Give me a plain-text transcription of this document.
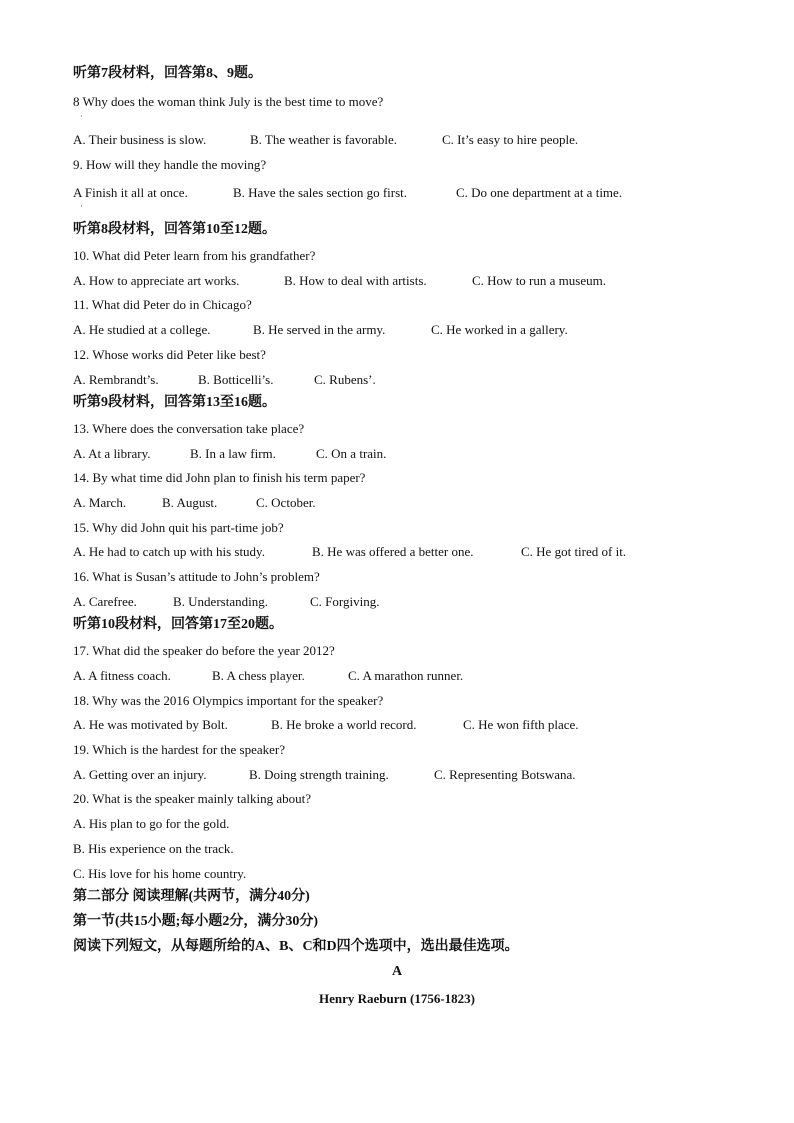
听第7段材料，回答第8、9题。
8 Why does the woman think July is the best time to move?
·
A. Their business is slow.	B. The weather is favorable.	C. It’s easy to hire people.
9. How will they handle the moving?
A Finish it all at once.	B. Have the sales section go first.	C. Do one department at a time.
·
听第8段材料，回答第10至12题。
10. What did Peter learn from his grandfather?
A. How to appreciate art works.	B. How to deal with artists.	C. How to run a museum.
11. What did Peter do in Chicago?
A. He studied at a college.	B. He served in the army.	C. He worked in a gallery.
12. Whose works did Peter like best?
A. Rembrandt’s.	B. Botticelli’s.	C. Rubens’.
听第9段材料，回答第13至16题。
13. Where does the conversation take place?
A. At a library.	B. In a law firm.	C. On a train.
14. By what time did John plan to finish his term paper?
A. March.	B. August.	C. October.
15. Why did John quit his part-time job?
A. He had to catch up with his study.	B. He was offered a better one.	C. He got tired of it.
16. What is Susan’s attitude to John’s problem?
A. Carefree.	B. Understanding.	C. Forgiving.
听第10段材料，回答第17至20题。
17. What did the speaker do before the year 2012?
A. A fitness coach.	B. A chess player.	C. A marathon runner.
18. Why was the 2016 Olympics important for the speaker?
A. He was motivated by Bolt.	B. He broke a world record.	C. He won fifth place.
19. Which is the hardest for the speaker?
A. Getting over an injury.	B. Doing strength training.	C. Representing Botswana.
20. What is the speaker mainly talking about?
A. His plan to go for the gold.
B. His experience on the track.
C. His love for his home country.
第二部分 阅读理解(共两节，满分40分)
第一节(共15小题;每小题2分，满分30分)
阅读下列短文，从每题所给的A、B、C和D四个选项中，选出最佳选项。
A
Henry Raeburn (1756-1823)
